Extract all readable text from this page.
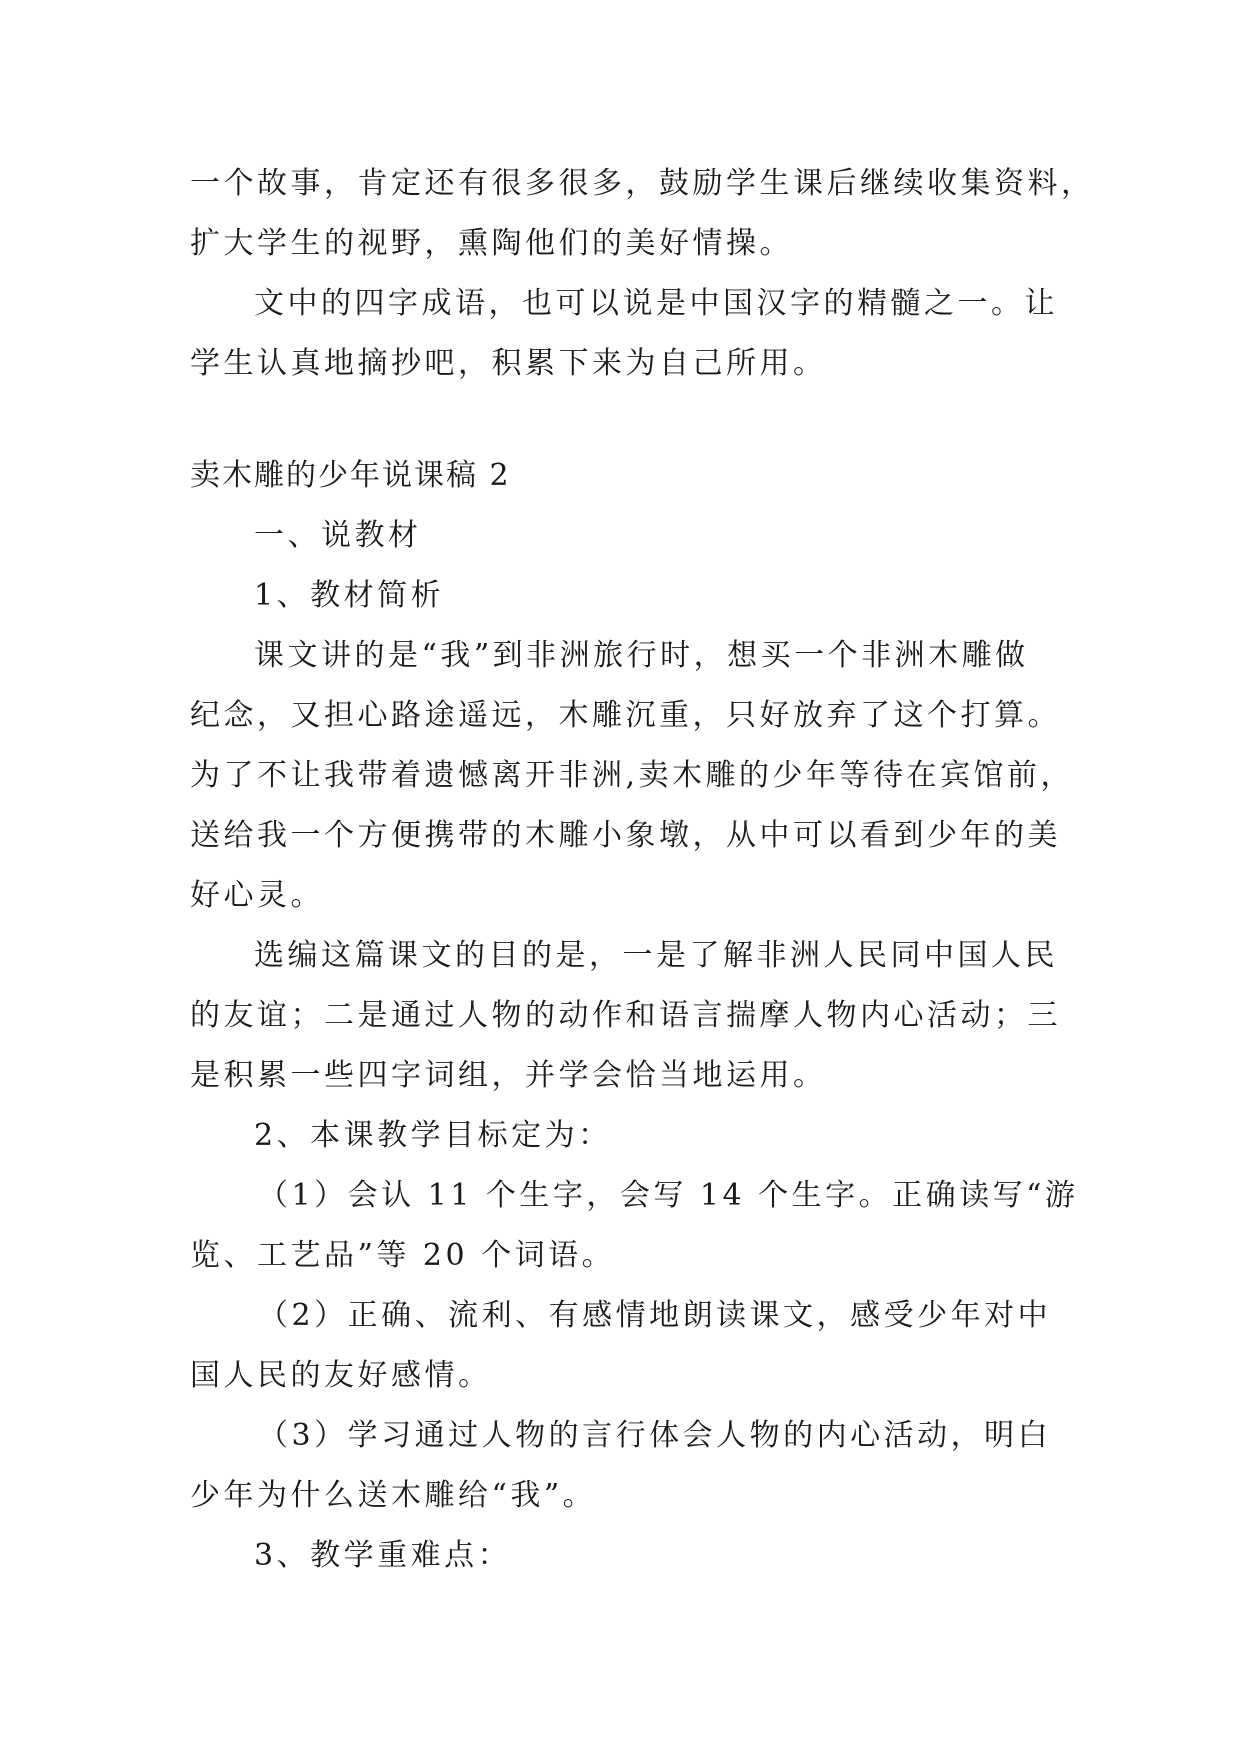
一个故事，肯定还有很多很多，鼓励学生课后继续收集资料，
扩大学生的视野，熏陶他们的美好情操。
文中的四字成语，也可以说是中国汉字的精髓之一。让
学生认真地摘抄吧，积累下来为自己所用。
卖木雕的少年说课稿 2
一、说教材
1、教材简析
课文讲的是“我”到非洲旅行时，想买一个非洲木雕做
纪念，又担心路途遥远，木雕沉重，只好放弃了这个打算。
为了不让我带着遗憾离开非洲,卖木雕的少年等待在宾馆前，
送给我一个方便携带的木雕小象墩，从中可以看到少年的美
好心灵。
选编这篇课文的目的是，一是了解非洲人民同中国人民
的友谊；二是通过人物的动作和语言揣摩人物内心活动；三
是积累一些四字词组，并学会恰当地运用。
2、本课教学目标定为：
（1）会认 11 个生字，会写 14 个生字。正确读写“游
览、工艺品”等 20 个词语。
（2）正确、流利、有感情地朗读课文，感受少年对中
国人民的友好感情。
（3）学习通过人物的言行体会人物的内心活动，明白
少年为什么送木雕给“我”。
3、教学重难点：
